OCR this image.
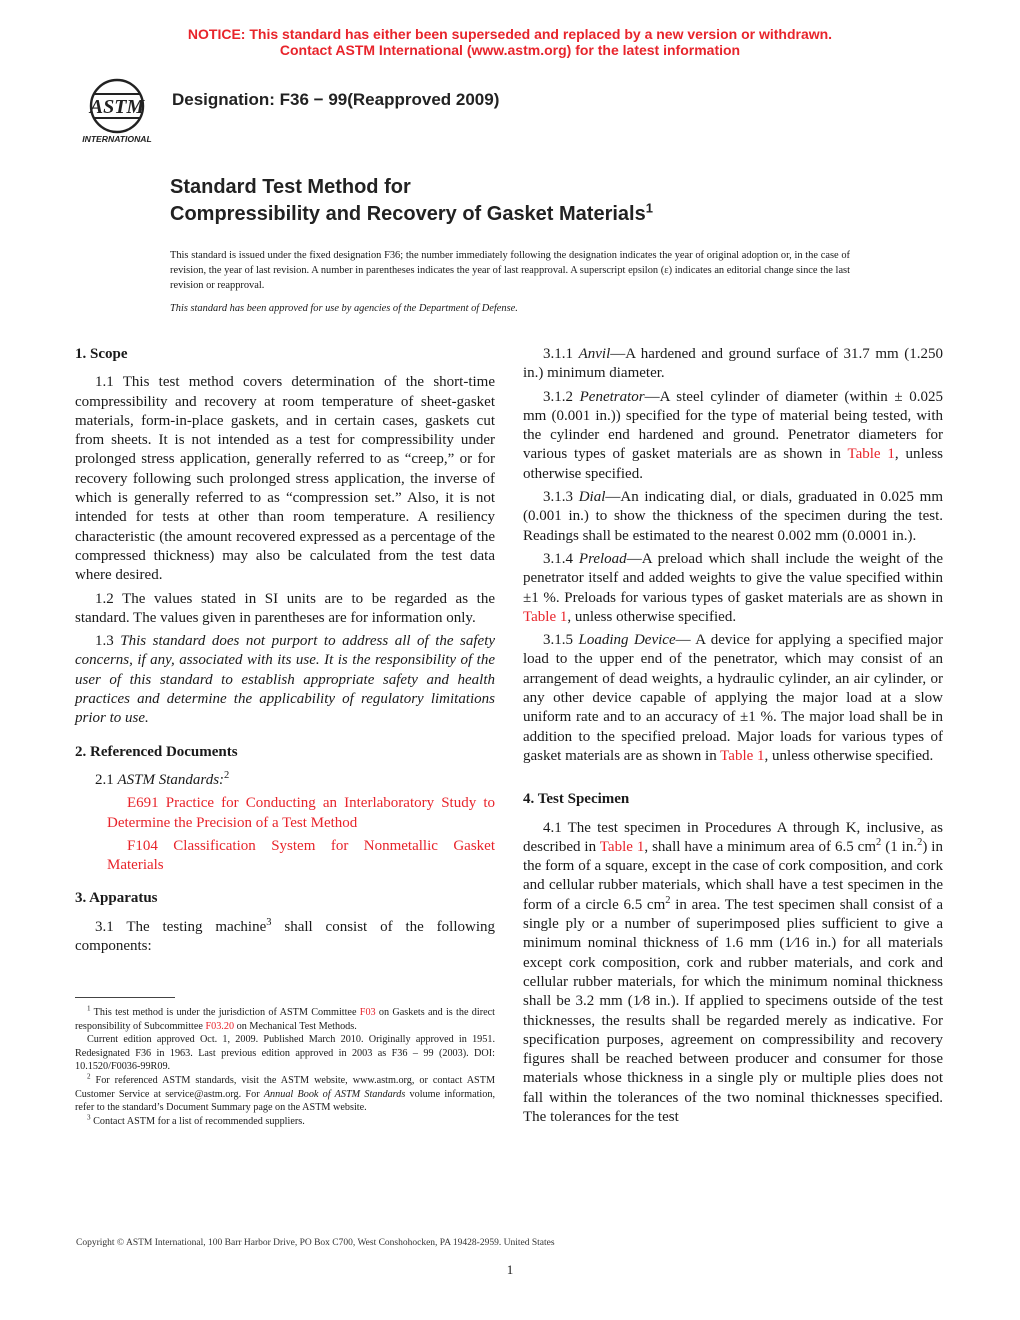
NOTICE: This standard has either been superseded and replaced by a new version or withdrawn.
Contact ASTM International (www.astm.org) for the latest information
ASTM
INTERNATIONAL
Designation: F36 − 99(Reapproved 2009)
Standard Test Method for
Compressibility and Recovery of Gasket Materials$^1$
This standard is issued under the fixed designation F36; the number immediately following the designation indicates the year of original adoption or, in the case of revision, the year of last revision. A number in parentheses indicates the year of last reapproval. A superscript epsilon (ε) indicates an editorial change since the last revision or reapproval.
This standard has been approved for use by agencies of the Department of Defense.
1. Scope

1.1 This test method covers determination of the short-time compressibility and recovery at room temperature of sheet-gasket materials, form-in-place gaskets, and in certain cases, gaskets cut from sheets. It is not intended as a test for compressibility under prolonged stress application, generally referred to as “creep,” or for recovery following such prolonged stress application, the inverse of which is generally referred to as “compression set.” Also, it is not intended for tests at other than room temperature. A resiliency characteristic (the amount recovered expressed as a percentage of the compressed thickness) may also be calculated from the test data where desired.

1.2 The values stated in SI units are to be regarded as the standard. The values given in parentheses are for information only.

1.3 This standard does not purport to address all of the safety concerns, if any, associated with its use. It is the responsibility of the user of this standard to establish appropriate safety and health practices and determine the applicability of regulatory limitations prior to use.

2. Referenced Documents

2.1 ASTM Standards:$^2$

E691 Practice for Conducting an Interlaboratory Study to Determine the Precision of a Test Method

F104 Classification System for Nonmetallic Gasket Materials

3. Apparatus

3.1 The testing machine$^3$ shall consist of the following components:

$^1$ This test method is under the jurisdiction of ASTM Committee F03 on Gaskets and is the direct responsibility of Subcommittee F03.20 on Mechanical Test Methods.

Current edition approved Oct. 1, 2009. Published March 2010. Originally approved in 1951. Redesignated F36 in 1963. Last previous edition approved in 2003 as F36 – 99 (2003). DOI: 10.1520/F0036-99R09.

$^2$ For referenced ASTM standards, visit the ASTM website, www.astm.org, or contact ASTM Customer Service at service@astm.org. For Annual Book of ASTM Standards volume information, refer to the standard’s Document Summary page on the ASTM website.

$^3$ Contact ASTM for a list of recommended suppliers.

3.1.1 Anvil—A hardened and ground surface of 31.7 mm (1.250 in.) minimum diameter.

3.1.2 Penetrator—A steel cylinder of diameter (within ± 0.025 mm (0.001 in.)) specified for the type of material being tested, with the cylinder end hardened and ground. Penetrator diameters for various types of gasket materials are as shown in Table 1, unless otherwise specified.

3.1.3 Dial—An indicating dial, or dials, graduated in 0.025 mm (0.001 in.) to show the thickness of the specimen during the test. Readings shall be estimated to the nearest 0.002 mm (0.0001 in.).

3.1.4 Preload—A preload which shall include the weight of the penetrator itself and added weights to give the value specified within ±1 %. Preloads for various types of gasket materials are as shown in Table 1, unless otherwise specified.

3.1.5 Loading Device— A device for applying a specified major load to the upper end of the penetrator, which may consist of an arrangement of dead weights, a hydraulic cylinder, an air cylinder, or any other device capable of applying the major load at a slow uniform rate and to an accuracy of ±1 %. The major load shall be in addition to the specified preload. Major loads for various types of gasket materials are as shown in Table 1, unless otherwise specified.

4. Test Specimen

4.1 The test specimen in Procedures A through K, inclusive, as described in Table 1, shall have a minimum area of 6.5 $cm^2$ (1 in.$^2$) in the form of a square, except in the case of cork composition, and cork and cellular rubber materials, which shall have a test specimen in the form of a circle 6.5 $cm^2$ in area. The test specimen shall consist of a single ply or a number of superimposed plies sufficient to give a minimum nominal thickness of 1.6 mm (1⁄16 in.) for all materials except cork composition, cork and rubber materials, and cork and cellular rubber materials, for which the minimum nominal thickness shall be 3.2 mm (1⁄8 in.). If applied to specimens outside of the test thicknesses, the results shall be regarded merely as indicative. For specification purposes, agreement on compressibility and recovery figures shall be reached between producer and consumer for those materials whose thickness in a single ply or multiple plies does not fall within the tolerances of the two nominal thicknesses specified. The tolerances for the test

Copyright © ASTM International, 100 Barr Harbor Drive, PO Box C700, West Conshohocken, PA 19428-2959. United States
1
